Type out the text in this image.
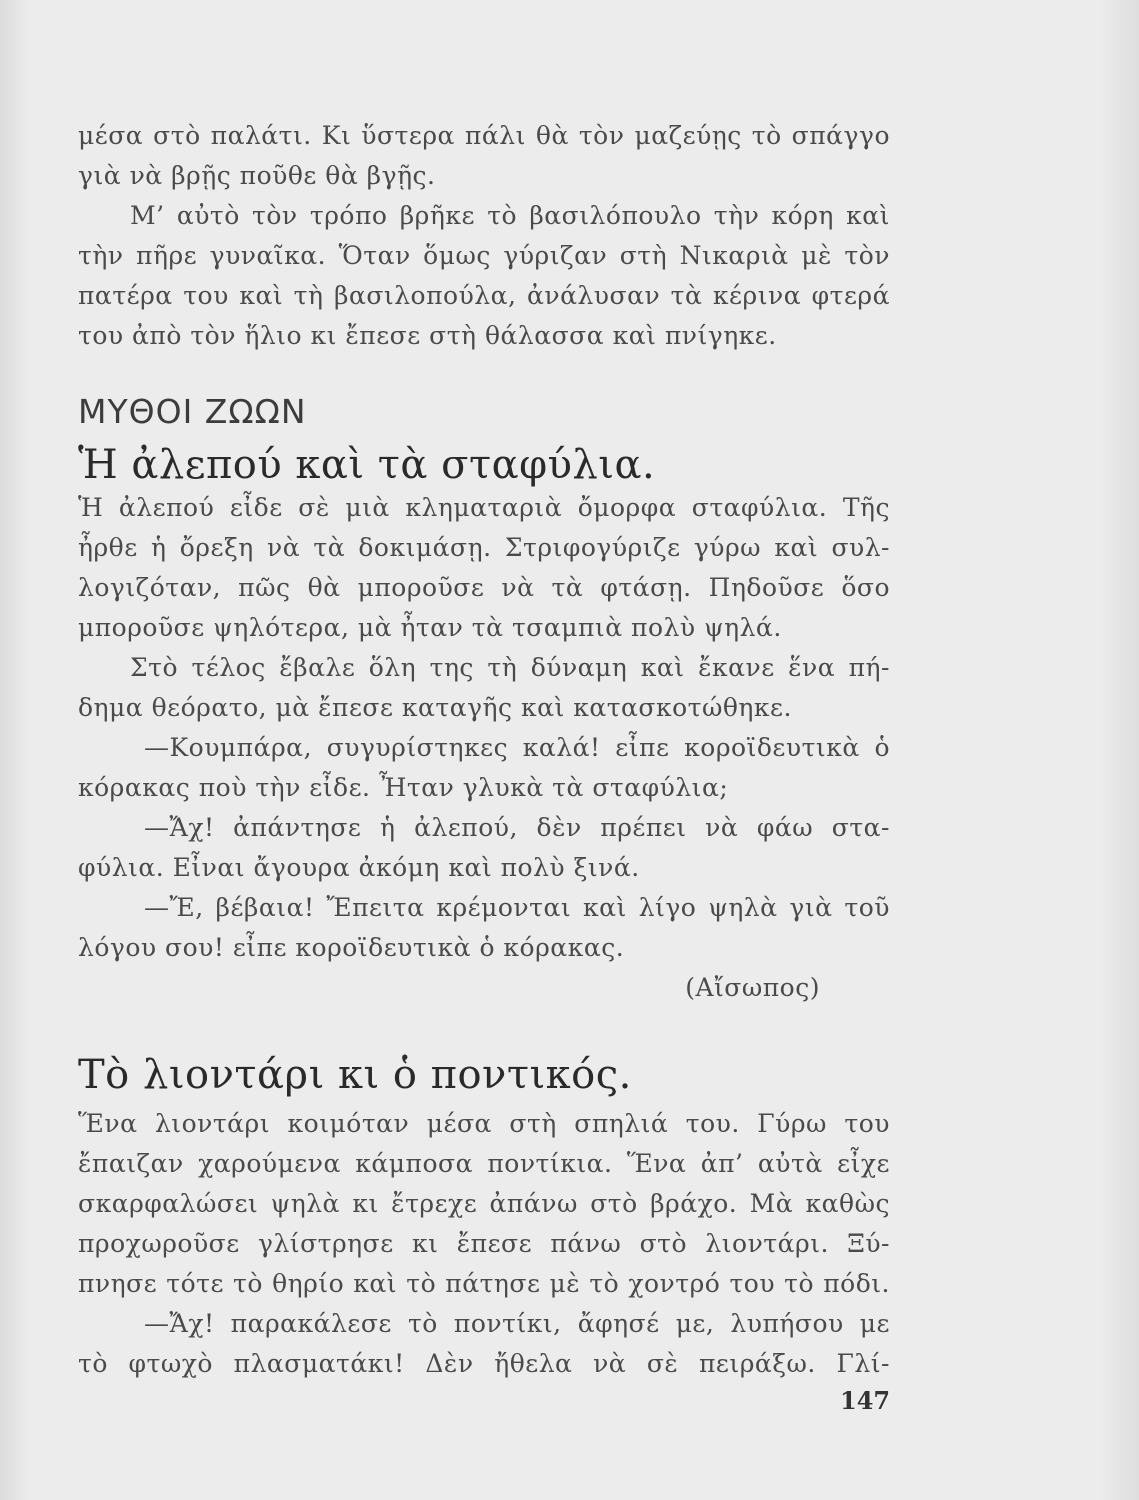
μέσα στὸ παλάτι. Κι ὕστερα πάλι θὰ τὸν μαζεύῃς τὸ σπάγγο
γιὰ νὰ βρῇς ποῦθε θὰ βγῇς.
Μ’ αὐτὸ τὸν τρόπο βρῆκε τὸ βασιλόπουλο τὴν κόρη καὶ
τὴν πῆρε γυναῖκα. Ὅταν ὅμως γύριζαν στὴ Νικαριὰ μὲ τὸν
πατέρα του καὶ τὴ βασιλοπούλα, ἀνάλυσαν τὰ κέρινα φτερά
του ἀπὸ τὸν ἥλιο κι ἔπεσε στὴ θάλασσα καὶ πνίγηκε.
ΜΥΘΟΙ ΖΩΩΝ
Ἡ ἀλεπού καὶ τὰ σταφύλια.
Ἡ ἀλεπού εἶδε σὲ μιὰ κληματαριὰ ὄμορφα σταφύλια. Τῆς
ἦρθε ἡ ὄρεξη νὰ τὰ δοκιμάσῃ. Στριφογύριζε γύρω καὶ συλ-
λογιζόταν, πῶς θὰ μποροῦσε νὰ τὰ φτάσῃ. Πηδοῦσε ὅσο
μποροῦσε ψηλότερα, μὰ ἦταν τὰ τσαμπιὰ πολὺ ψηλά.
Στὸ τέλος ἔβαλε ὅλη της τὴ δύναμη καὶ ἔκανε ἕνα πή-
δημα θεόρατο, μὰ ἔπεσε καταγῆς καὶ κατασκοτώθηκε.
—Κουμπάρα, συγυρίστηκες καλά! εἶπε κοροϊδευτικὰ ὁ
κόρακας ποὺ τὴν εἶδε. Ἦταν γλυκὰ τὰ σταφύλια;
—Ἄχ! ἀπάντησε ἡ ἀλεπού, δὲν πρέπει νὰ φάω στα-
φύλια. Εἶναι ἄγουρα ἀκόμη καὶ πολὺ ξινά.
—Ἔ, βέβαια! Ἔπειτα κρέμονται καὶ λίγο ψηλὰ γιὰ τοῦ
λόγου σου! εἶπε κοροϊδευτικὰ ὁ κόρακας.
(Αἴσωπος)
Τὸ λιοντάρι κι ὁ ποντικός.
Ἕνα λιοντάρι κοιμόταν μέσα στὴ σπηλιά του. Γύρω του
ἔπαιζαν χαρούμενα κάμποσα ποντίκια. Ἕνα ἀπ’ αὐτὰ εἶχε
σκαρφαλώσει ψηλὰ κι ἔτρεχε ἀπάνω στὸ βράχο. Μὰ καθὼς
προχωροῦσε γλίστρησε κι ἔπεσε πάνω στὸ λιοντάρι. Ξύ-
πνησε τότε τὸ θηρίο καὶ τὸ πάτησε μὲ τὸ χοντρό του τὸ πόδι.
—Ἄχ! παρακάλεσε τὸ ποντίκι, ἄφησέ με, λυπήσου με
τὸ φτωχὸ πλασματάκι! Δὲν ἤθελα νὰ σὲ πειράξω. Γλί-
147
